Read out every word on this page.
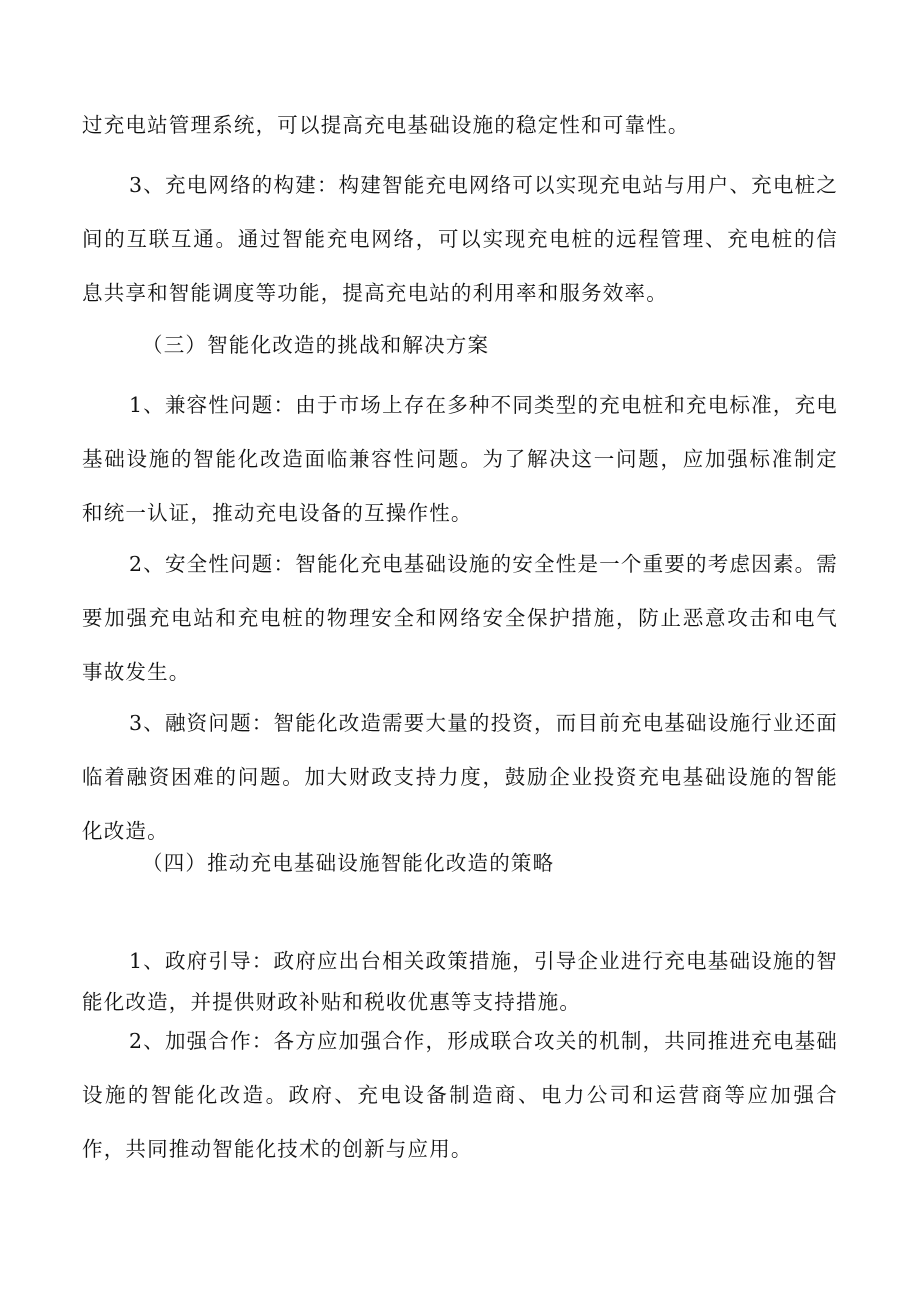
过充电站管理系统，可以提高充电基础设施的稳定性和可靠性。

3、充电网络的构建：构建智能充电网络可以实现充电站与用户、充电桩之间的互联互通。通过智能充电网络，可以实现充电桩的远程管理、充电桩的信息共享和智能调度等功能，提高充电站的利用率和服务效率。

（三）智能化改造的挑战和解决方案

1、兼容性问题：由于市场上存在多种不同类型的充电桩和充电标准，充电基础设施的智能化改造面临兼容性问题。为了解决这一问题，应加强标准制定和统一认证，推动充电设备的互操作性。

2、安全性问题：智能化充电基础设施的安全性是一个重要的考虑因素。需要加强充电站和充电桩的物理安全和网络安全保护措施，防止恶意攻击和电气事故发生。

3、融资问题：智能化改造需要大量的投资，而目前充电基础设施行业还面临着融资困难的问题。加大财政支持力度，鼓励企业投资充电基础设施的智能化改造。

（四）推动充电基础设施智能化改造的策略

1、政府引导：政府应出台相关政策措施，引导企业进行充电基础设施的智能化改造，并提供财政补贴和税收优惠等支持措施。

2、加强合作：各方应加强合作，形成联合攻关的机制，共同推进充电基础设施的智能化改造。政府、充电设备制造商、电力公司和运营商等应加强合作，共同推动智能化技术的创新与应用。
